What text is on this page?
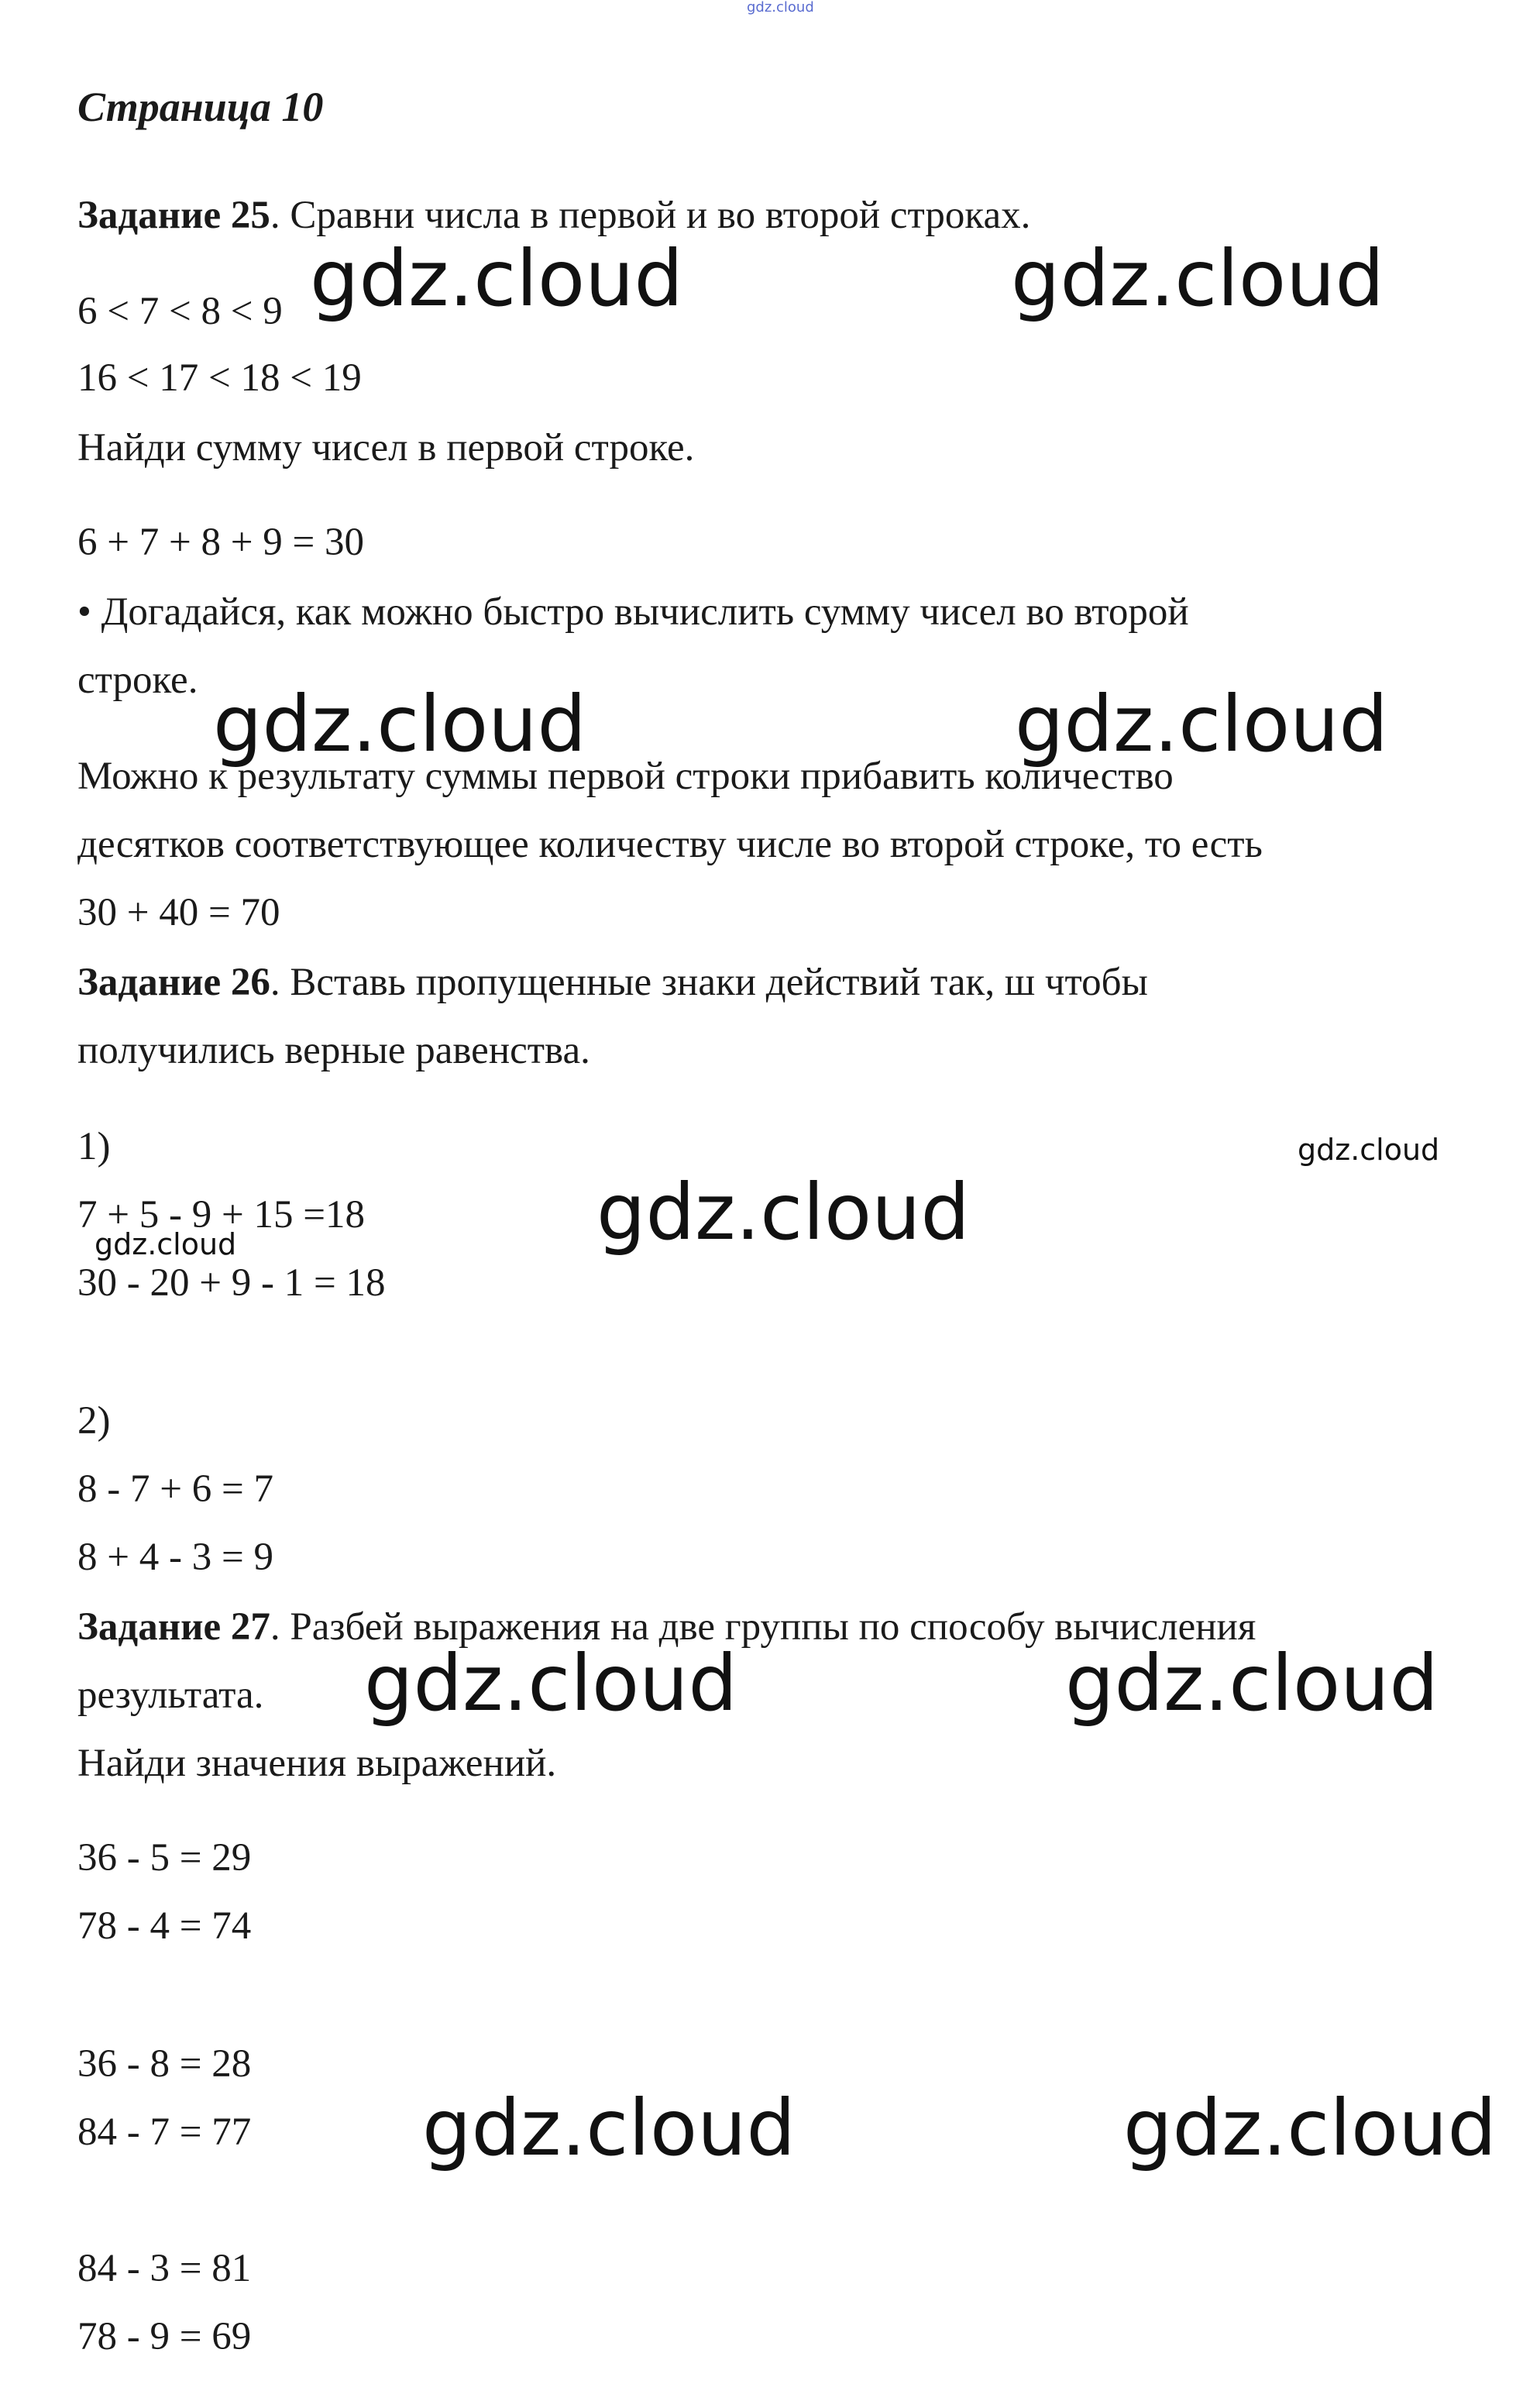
gdz.cloud
Страница 10
Задание 25. Сравни числа в первой и во второй строках.
6 < 7 < 8 < 9
16 < 17 < 18 < 19
Найди сумму чисел в первой строке.
6 + 7 + 8 + 9 = 30
• Догадайся, как можно быстро вычислить сумму чисел во второй
строке.
Можно к результату суммы первой строки прибавить количество
десятков соответствующее количеству числе во второй строке, то есть
30 + 40 = 70
Задание 26. Вставь пропущенные знаки действий так, ш чтобы
получились верные равенства.
1)
7 + 5 - 9 + 15 =18
30 - 20 + 9 - 1 = 18
2)
8 - 7 + 6 = 7
8 + 4 - 3 = 9
Задание 27. Разбей выражения на две группы по способу вычисления
результата.
Найди значения выражений.
36 - 5 = 29
78 - 4 = 74
36 - 8 = 28
84 - 7 = 77
84 - 3 = 81
78 - 9 = 69
gdz.cloud	gdz.cloud
gdz.cloud	gdz.cloud
gdz.cloud
gdz.cloud	gdz.cloud
gdz.cloud	gdz.cloud
gdz.cloud
gdz.cloud
